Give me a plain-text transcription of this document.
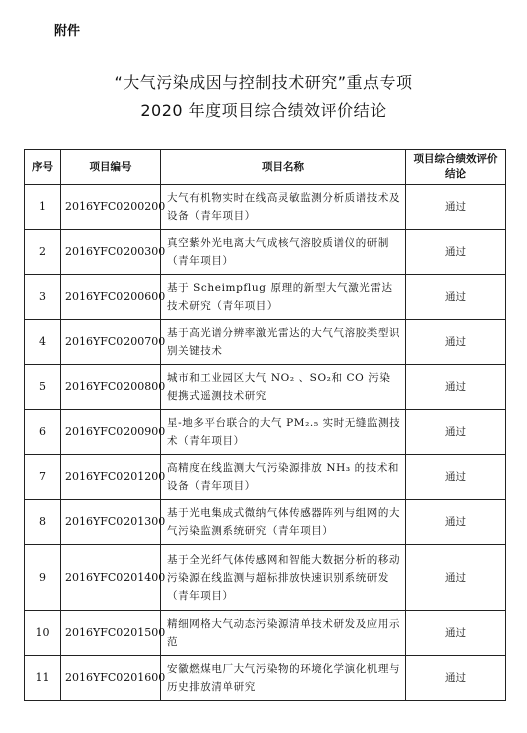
附件
“大气污染成因与控制技术研究”重点专项
2020 年度项目综合绩效评价结论
序号	项目编号	项目名称	项目综合绩效评价结论
1	2016YFC0200200	大气有机物实时在线高灵敏监测分析质谱技术及设备（青年项目）	通过
2	2016YFC0200300	真空紫外光电离大气成核气溶胶质谱仪的研制（青年项目）	通过
3	2016YFC0200600	基于 Scheimpflug 原理的新型大气激光雷达技术研究（青年项目）	通过
4	2016YFC0200700	基于高光谱分辨率激光雷达的大气气溶胶类型识别关键技术	通过
5	2016YFC0200800	城市和工业园区大气 NO₂ 、SO₂和 CO 污染便携式遥测技术研究	通过
6	2016YFC0200900	星-地多平台联合的大气 PM₂.₅ 实时无缝监测技术（青年项目）	通过
7	2016YFC0201200	高精度在线监测大气污染源排放 NH₃ 的技术和设备（青年项目）	通过
8	2016YFC0201300	基于光电集成式微纳气体传感器阵列与组网的大气污染监测系统研究（青年项目）	通过
9	2016YFC0201400	基于全光纤气体传感网和智能大数据分析的移动污染源在线监测与超标排放快速识别系统研发（青年项目）	通过
10	2016YFC0201500	精细网格大气动态污染源清单技术研发及应用示范	通过
11	2016YFC0201600	安徽燃煤电厂大气污染物的环境化学演化机理与历史排放清单研究	通过
